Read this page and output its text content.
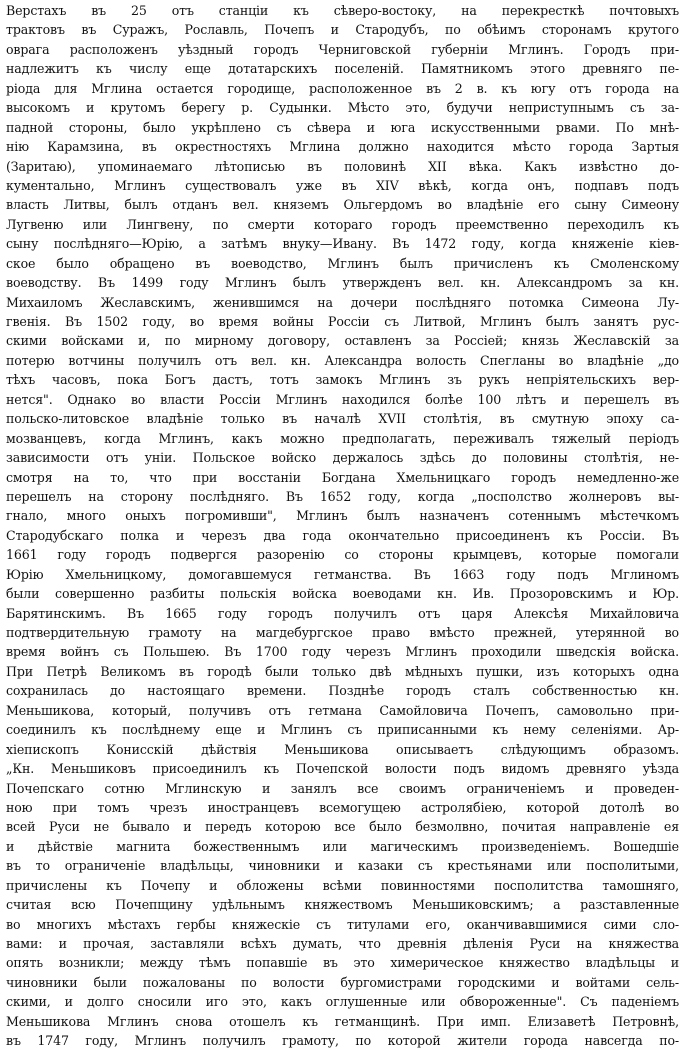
Верстахъ въ 25 отъ станціи къ сѣверо-востоку, на перекресткѣ почтовыхъ
трактовъ въ Суражъ, Рославль, Почепъ и Стародубъ, по обѣимъ сторонамъ крутого
оврага расположенъ уѣздный городъ Черниговской губерніи Мглинъ. Городъ при-
надлежитъ къ числу еще дотатарскихъ поселеній. Памятникомъ этого древняго пе-
ріода для Мглина остается городище, расположенное въ 2 в. къ югу отъ города на
высокомъ и крутомъ берегу р. Судынки. Мѣсто это, будучи неприступнымъ съ за-
падной стороны, было укрѣплено съ сѣвера и юга искусственными рвами. По мнѣ-
нію Карамзина, въ окрестностяхъ Мглина должно находится мѣсто города Зартыя
(Заритаю), упоминаемаго лѣтописью въ половинѣ XII вѣка. Какъ извѣстно до-
кументально, Мглинъ существовалъ уже въ XIV вѣкѣ, когда онъ, подпавъ подъ
власть Литвы, былъ отданъ вел. княземъ Ольгердомъ во владѣніе его сыну Симеону
Лугвеню или Лингвену, по смерти котораго городъ преемственно переходилъ къ
сыну послѣдняго—Юрію, а затѣмъ внуку—Ивану. Въ 1472 году, когда княженіе кіев-
ское было обращено въ воеводство, Мглинъ былъ причисленъ къ Смоленскому
воеводству. Въ 1499 году Мглинъ былъ утвержденъ вел. кн. Александромъ за кн.
Михаиломъ Жеславскимъ, женившимся на дочери послѣдняго потомка Симеона Лу-
гвенія. Въ 1502 году, во время войны Россіи съ Литвой, Мглинъ былъ занятъ рус-
скими войсками и, по мирному договору, оставленъ за Россіей; князь Жеславскій за
потерю вотчины получилъ отъ вел. кн. Александра волость Спегланы во владѣніе „до
тѣхъ часовъ, пока Богъ дастъ, тотъ замокъ Мглинъ зъ рукъ непріятельскихъ вер-
нется". Однако во власти Россіи Мглинъ находился болѣе 100 лѣтъ и перешелъ въ
польско-литовское владѣніе только въ началѣ XVII столѣтія, въ смутную эпоху са-
мозванцевъ, когда Мглинъ, какъ можно предполагать, переживалъ тяжелый періодъ
зависимости отъ уніи. Польское войско держалось здѣсь до половины столѣтія, не-
смотря на то, что при восстаніи Богдана Хмельницкаго городъ немедленно-же
перешелъ на сторону послѣдняго. Въ 1652 году, когда „посполство жолнеровъ вы-
гнало, много оныхъ погромивши", Мглинъ былъ назначенъ сотеннымъ мѣстечкомъ
Стародубскаго полка и черезъ два года окончательно присоединенъ къ Россіи. Въ
1661 году городъ подвергся разоренію со стороны крымцевъ, которые помогали
Юрію Хмельницкому, домогавшемуся гетманства. Въ 1663 году подъ Мглиномъ
были совершенно разбиты польскія войска воеводами кн. Ив. Прозоровскимъ и Юр.
Барятинскимъ. Въ 1665 году городъ получилъ отъ царя Алексѣя Михайловича
подтвердительную грамоту на магдебургское право вмѣсто прежней, утерянной во
время войнъ съ Польшею. Въ 1700 году черезъ Мглинъ проходили шведскія войска.
При Петрѣ Великомъ въ городѣ были только двѣ мѣдныхъ пушки, изъ которыхъ одна
сохранилась до настоящаго времени. Позднѣе городъ сталъ собственностью кн.
Меньшикова, который, получивъ отъ гетмана Самойловича Почепъ, самовольно при-
соединилъ къ послѣднему еще и Мглинъ съ приписанными къ нему селеніями. Ар-
хіепископъ Конисскій дѣйствія Меньшикова описываетъ слѣдующимъ образомъ.
„Кн. Меньшиковъ присоединилъ къ Почепской волости подъ видомъ древняго уѣзда
Почепскаго сотню Мглинскую и занялъ все своимъ ограниченіемъ и проведен-
ною при томъ чрезъ иностранцевъ всемогущею астролябіею, которой дотолѣ во
всей Руси не бывало и передъ которою все было безмолвно, почитая направленіе ея
и дѣйствіе магнита божественнымъ или магическимъ произведеніемъ. Вошедшіе
въ то ограниченіе владѣльцы, чиновники и казаки съ крестьянами или посполитыми,
причислены къ Почепу и обложены всѣми повинностями посполитства тамошняго,
считая всю Почепщину удѣльнымъ княжествомъ Меньшиковскимъ; а разставленные
во многихъ мѣстахъ гербы княжескіе съ титулами его, оканчивавшимися сими сло-
вами: и прочая, заставляли всѣхъ думать, что древнія дѣленія Руси на княжества
опять возникли; между тѣмъ попавшіе въ это химерическое княжество владѣльцы и
чиновники были пожалованы по волости бургомистрами городскими и войтами сель-
скими, и долго сносили иго это, какъ оглушенные или обвороженные". Съ паденіемъ
Меньшикова Мглинъ снова отошелъ къ гетманщинѣ. При имп. Елизаветѣ Петровнѣ,
въ 1747 году, Мглинъ получилъ грамоту, по которой жители города навсегда по-
